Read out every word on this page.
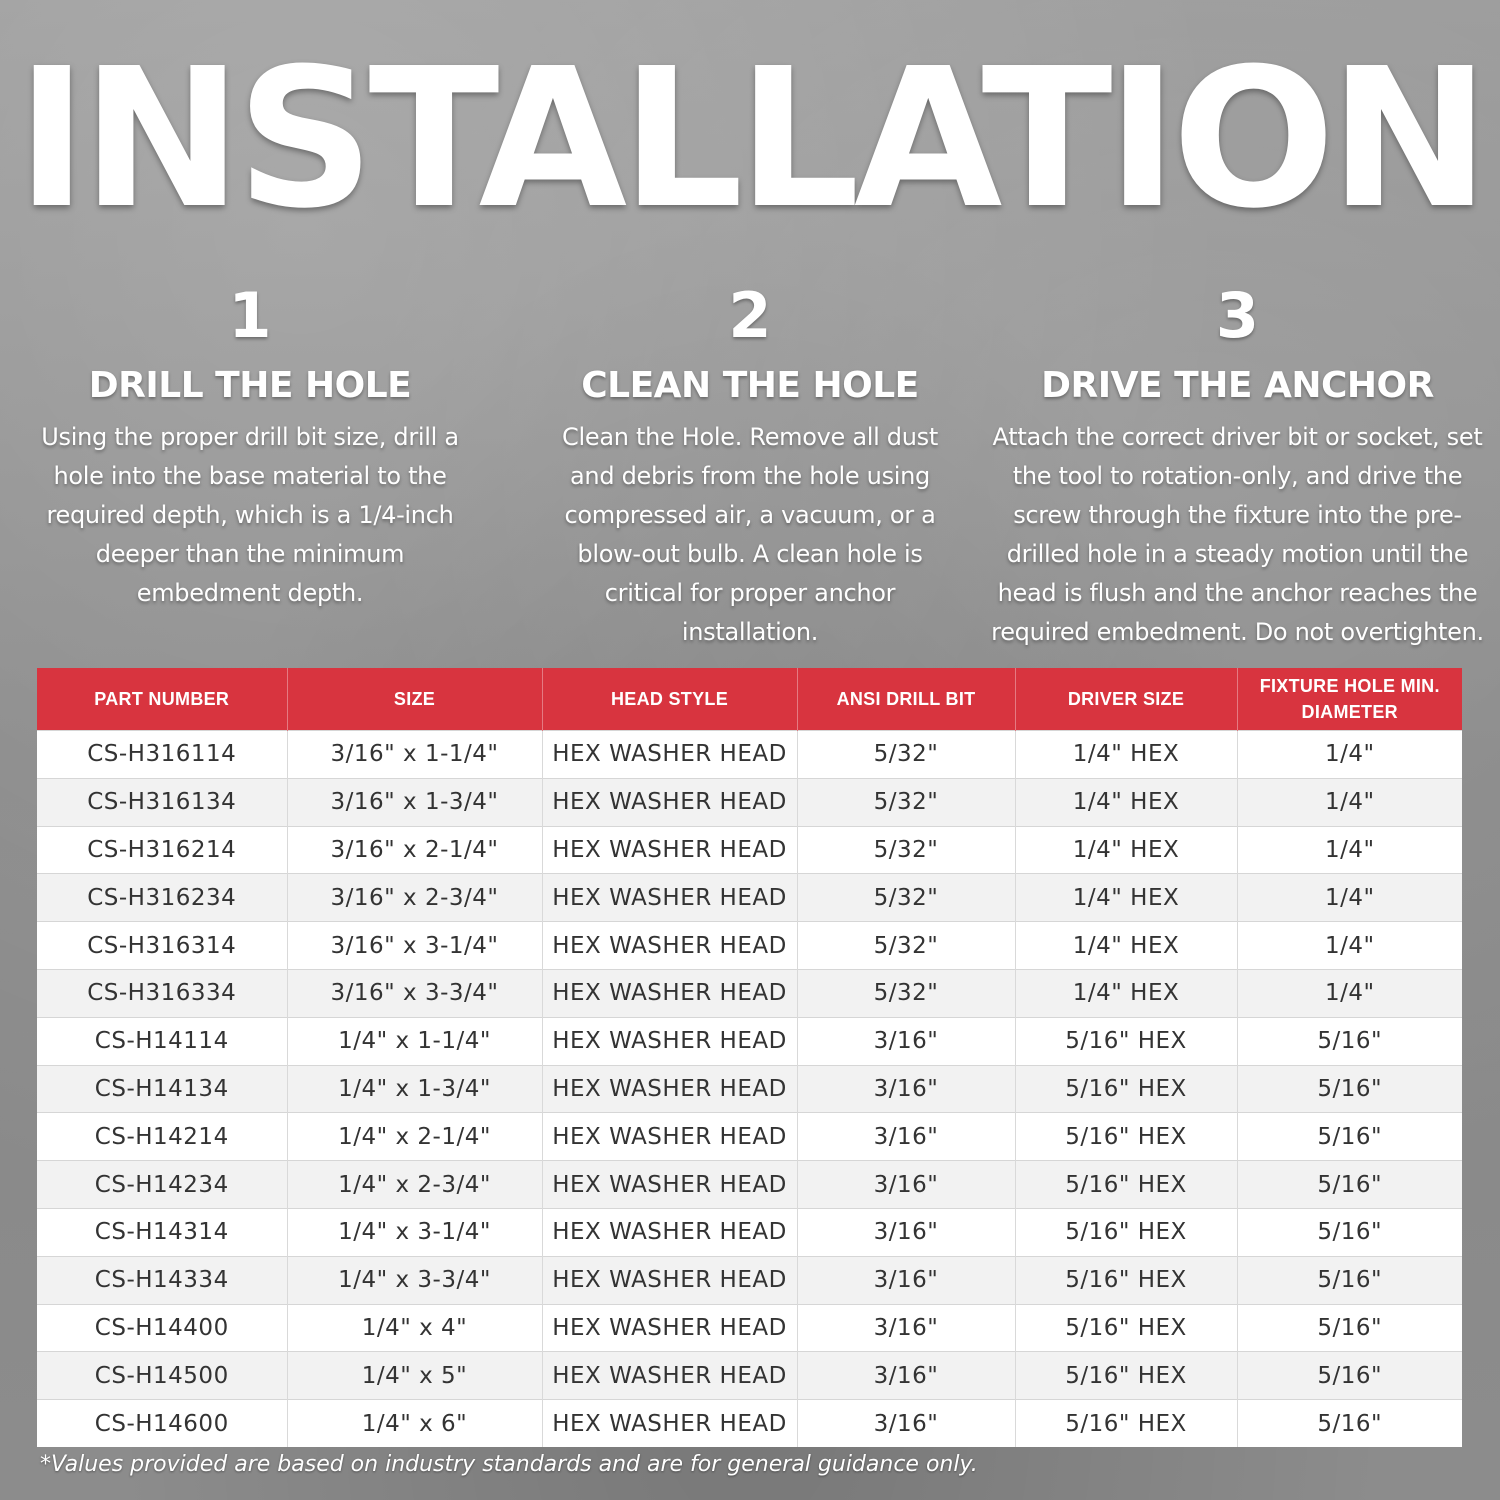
INSTALLATION
1
DRILL THE HOLE
Using the proper drill bit size, drill a hole into the base material to the required depth, which is a 1/4-inch deeper than the minimum embedment depth.
2
CLEAN THE HOLE
Clean the Hole. Remove all dust and debris from the hole using compressed air, a vacuum, or a blow-out bulb. A clean hole is critical for proper anchor installation.
3
DRIVE THE ANCHOR
Attach the correct driver bit or socket, set the tool to rotation-only, and drive the screw through the fixture into the pre-drilled hole in a steady motion until the head is flush and the anchor reaches the required embedment. Do not overtighten.
PART NUMBER	SIZE	HEAD STYLE	ANSI DRILL BIT	DRIVER SIZE	FIXTURE HOLE MIN. DIAMETER
CS-H316114	3/16" x 1-1/4"	HEX WASHER HEAD	5/32"	1/4" HEX	1/4"
CS-H316134	3/16" x 1-3/4"	HEX WASHER HEAD	5/32"	1/4" HEX	1/4"
CS-H316214	3/16" x 2-1/4"	HEX WASHER HEAD	5/32"	1/4" HEX	1/4"
CS-H316234	3/16" x 2-3/4"	HEX WASHER HEAD	5/32"	1/4" HEX	1/4"
CS-H316314	3/16" x 3-1/4"	HEX WASHER HEAD	5/32"	1/4" HEX	1/4"
CS-H316334	3/16" x 3-3/4"	HEX WASHER HEAD	5/32"	1/4" HEX	1/4"
CS-H14114	1/4" x 1-1/4"	HEX WASHER HEAD	3/16"	5/16" HEX	5/16"
CS-H14134	1/4" x 1-3/4"	HEX WASHER HEAD	3/16"	5/16" HEX	5/16"
CS-H14214	1/4" x 2-1/4"	HEX WASHER HEAD	3/16"	5/16" HEX	5/16"
CS-H14234	1/4" x 2-3/4"	HEX WASHER HEAD	3/16"	5/16" HEX	5/16"
CS-H14314	1/4" x 3-1/4"	HEX WASHER HEAD	3/16"	5/16" HEX	5/16"
CS-H14334	1/4" x 3-3/4"	HEX WASHER HEAD	3/16"	5/16" HEX	5/16"
CS-H14400	1/4" x 4"	HEX WASHER HEAD	3/16"	5/16" HEX	5/16"
CS-H14500	1/4" x 5"	HEX WASHER HEAD	3/16"	5/16" HEX	5/16"
CS-H14600	1/4" x 6"	HEX WASHER HEAD	3/16"	5/16" HEX	5/16"
*Values provided are based on industry standards and are for general guidance only.
